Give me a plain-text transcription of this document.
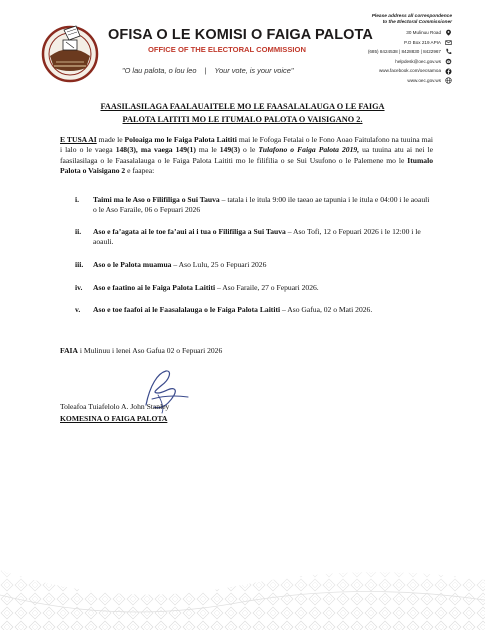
OFISA O LE KOMISI O FAIGA PALOTA
OFFICE OF THE ELECTORAL COMMISSION
"O lau palota, o lou leo | Your vote, is your voice"
Please address all correspondence
to the Electoral Commissioner
30 Mulinuu Road
P.O Box 219 APIA
(685) 8424538 | 8428830 | 8422967
helpdesk@oec.gov.ws
www.facebook.com/oecsamoa
www.oec.gov.ws
FAASILASILAGA FAALAUAITELE MO LE FAASALALAUGA O LE FAIGA
PALOTA LAITITI MO LE ITUMALO PALOTA O VAISIGANO 2.
E TUSA AI made le Poloaiga mo le Faiga Palota Laititi mai le Fofoga Fetalai o le Fono Aoao Faitulafono na tuuina mai i lalo o le vaega 148(3), ma vaega 149(1) ma le 149(3) o le Tulafono o Faiga Palota 2019, ua tuuina atu ai nei le faasilasilaga o le Faasalalauga o le Faiga Palota Laititi mo le filifilia o se Sui Usufono o le Palemene mo le Itumalo Palota o Vaisigano 2 e faapea:
i. Taimi ma le Aso o Filifiliga o Sui Tauva – tatala i le itula 9:00 ile taeao ae tapunia i le itula e 04:00 i le aoauli o le Aso Faraile, 06 o Fepuari 2026
ii. Aso e fa’agata ai le toe fa’aui ai i tua o Filifiliga a Sui Tauva – Aso Tofi, 12 o Fepuari 2026 i le 12:00 i le aoauli.
iii. Aso o le Palota muamua – Aso Lulu, 25 o Fepuari 2026
iv. Aso e faatino ai le Faiga Palota Laititi – Aso Faraile, 27 o Fepuari 2026.
v. Aso e toe faafoi ai le Faasalalauga o le Faiga Palota Laititi – Aso Gafua, 02 o Mati 2026.
FAIA i Mulinuu i lenei Aso Gafua 02 o Fepuari 2026
Toleafoa Tuiafelolo A. John Stanley
KOMESINA O FAIGA PALOTA
